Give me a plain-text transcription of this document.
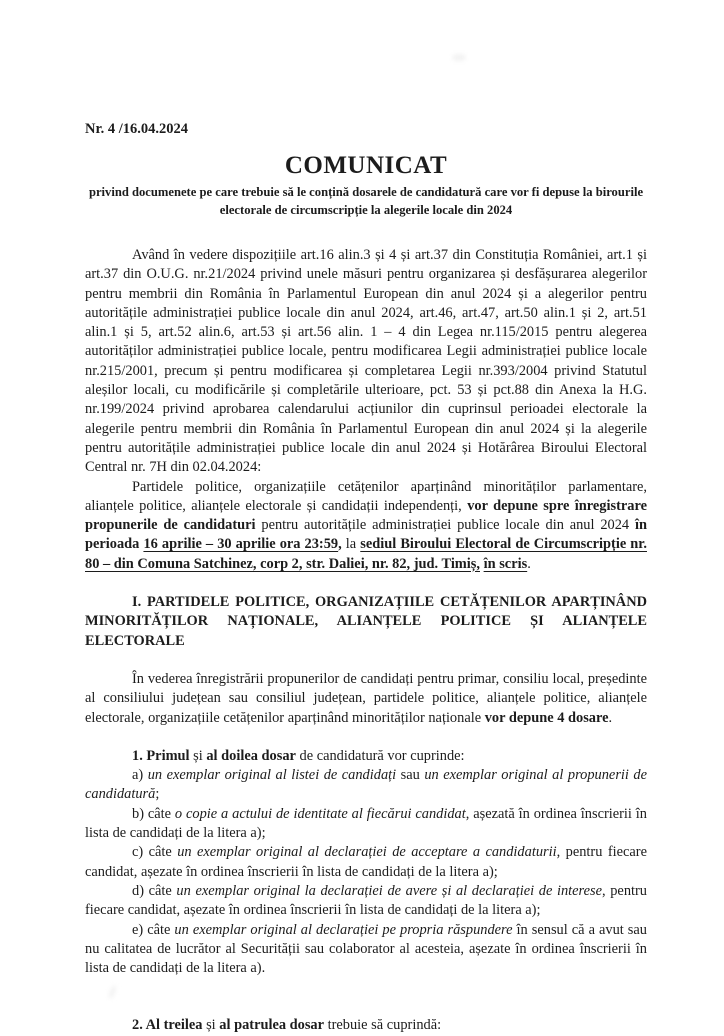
Nr. 4 /16.04.2024
COMUNICAT
privind documenete pe care trebuie să le conțină dosarele de candidatură care vor fi depuse la birourile electorale de circumscripție la alegerile locale din 2024

Având în vedere dispozițiile art.16 alin.3 și 4 și art.37 din Constituția României, art.1 și art.37 din O.U.G. nr.21/2024 privind unele măsuri pentru organizarea și desfășurarea alegerilor pentru membrii din România în Parlamentul European din anul 2024 și a alegerilor pentru autoritățile administrației publice locale din anul 2024, art.46, art.47, art.50 alin.1 și 2, art.51 alin.1 și 5, art.52 alin.6, art.53 și art.56 alin. 1 – 4 din Legea nr.115/2015 pentru alegerea autorităților administrației publice locale, pentru modificarea Legii administrației publice locale nr.215/2001, precum și pentru modificarea și completarea Legii nr.393/2004 privind Statutul aleșilor locali, cu modificările și completările ulterioare, pct. 53 și pct.88 din Anexa la H.G. nr.199/2024 privind aprobarea calendarului acțiunilor din cuprinsul perioadei electorale la alegerile pentru membrii din România în Parlamentul European din anul 2024 și la alegerile pentru autoritățile administrației publice locale din anul 2024 și Hotărârea Biroului Electoral Central nr. 7H din 02.04.2024:

Partidele politice, organizațiile cetățenilor aparținând minorităților parlamentare, alianțele politice, alianțele electorale și candidații independenți, vor depune spre înregistrare propunerile de candidaturi pentru autoritățile administrației publice locale din anul 2024 în perioada 16 aprilie – 30 aprilie ora 23:59, la sediul Biroului Electoral de Circumscripție nr. 80 – din Comuna Satchinez, corp 2, str. Daliei, nr. 82, jud. Timiș, în scris.

I. PARTIDELE POLITICE, ORGANIZAȚIILE CETĂȚENILOR APARȚINÂND MINORITĂȚILOR NAȚIONALE, ALIANȚELE POLITICE ȘI ALIANȚELE ELECTORALE

În vederea înregistrării propunerilor de candidați pentru primar, consiliu local, președinte al consiliului județean sau consiliul județean, partidele politice, alianțele politice, alianțele electorale, organizațiile cetățenilor aparținând minorităților naționale vor depune 4 dosare.

1. Primul și al doilea dosar de candidatură vor cuprinde:

a) un exemplar original al listei de candidați sau un exemplar original al propunerii de candidatură;

b) câte o copie a actului de identitate al fiecărui candidat, așezată în ordinea înscrierii în lista de candidați de la litera a);

c) câte un exemplar original al declarației de acceptare a candidaturii, pentru fiecare candidat, așezate în ordinea înscrierii în lista de candidați de la litera a);

d) câte un exemplar original la declarației de avere și al declarației de interese, pentru fiecare candidat, așezate în ordinea înscrierii în lista de candidați de la litera a);

e) câte un exemplar original al declarației pe propria răspundere în sensul că a avut sau nu calitatea de lucrător al Securității sau colaborator al acesteia, așezate în ordinea înscrierii în lista de candidați de la litera a).

2. Al treilea și al patrulea dosar trebuie să cuprindă:
